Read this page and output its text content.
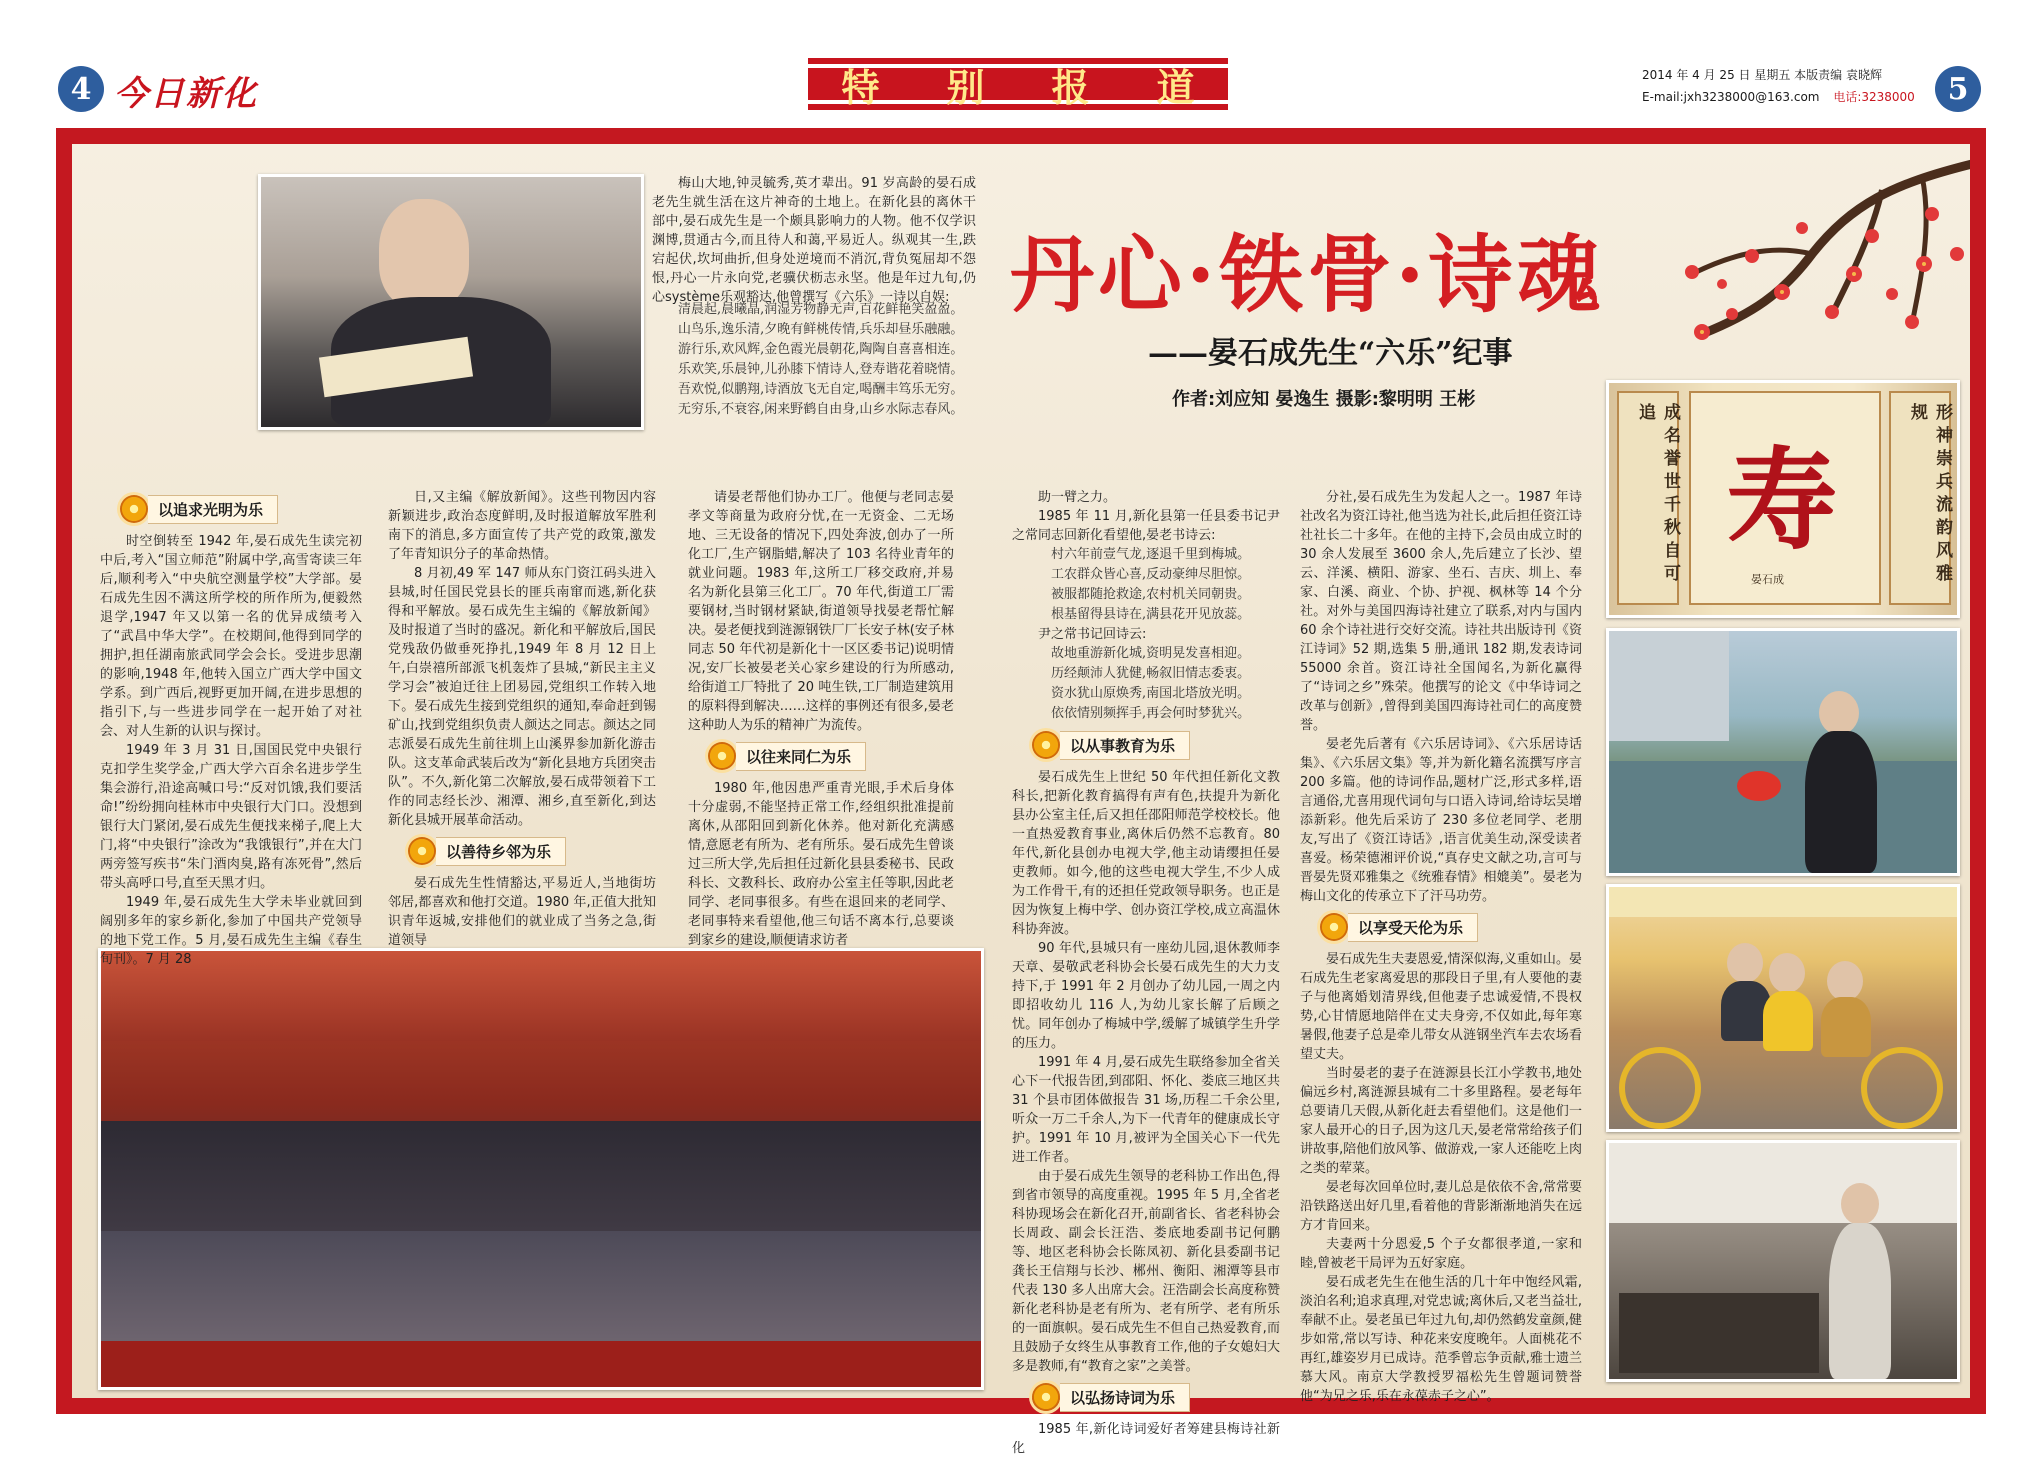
4 今日新化	特 别 报 道	2014 年 4 月 25 日 星期五 本版责编 袁晓辉
E-mail:jxh3238000@163.com 电话:3238000	5

梅山大地,钟灵毓秀,英才辈出。91 岁高龄的晏石成老先生就生活在这片神奇的土地上。在新化县的离休干部中,晏石成先生是一个颇具影响力的人物。他不仅学识渊博,贯通古今,而且待人和蔼,平易近人。纵观其一生,跌宕起伏,坎坷曲折,但身处逆境而不消沉,背负冤屈却不怨恨,丹心一片永向党,老骥伏枥志永坚。他是年过九旬,仍心système乐观豁达,他曾撰写《六乐》一诗以自娱:

清晨起,晨曦晶,润湿芳物静无声,百花鲜艳笑盈盈。
山鸟乐,逸乐清,夕晚有鲜桃传情,兵乐却昼乐融融。
游行乐,欢风辉,金色霞光晨朝花,陶陶自喜喜相连。
乐欢笑,乐晨钟,儿孙膝下情诗人,登寿谐花着晓情。
吾欢悦,似鹏翔,诗酒放飞无自定,喝酬丰笃乐无穷。
无穷乐,不衰容,闲来野鹤自由身,山乡水际志春风。
丹心·铁骨·诗魂
——晏石成先生“六乐”纪事
作者:刘应知 晏逸生 摄影:黎明明 王彬
成名誉世千秋自可追
寿
晏石成	形神崇兵流韵风雅规
以追求光明为乐

时空倒转至 1942 年,晏石成先生读完初中后,考入“国立师范”附属中学,高雪寄读三年后,顺利考入“中央航空测量学校”大学部。晏石成先生因不满这所学校的所作所为,便毅然退学,1947 年又以第一名的优异成绩考入了“武昌中华大学”。在校期间,他得到同学的拥护,担任湖南旅武同学会会长。受进步思潮的影响,1948 年,他转入国立广西大学中国文学系。到广西后,视野更加开阔,在进步思想的指引下,与一些进步同学在一起开始了对社会、对人生新的认识与探讨。

1949 年 3 月 31 日,国国民党中央银行克扣学生奖学金,广西大学六百余名进步学生集会游行,沿途高喊口号:“反对饥饿,我们要活命!”纷纷拥向桂林市中央银行大门口。没想到银行大门紧闭,晏石成先生便找来梯子,爬上大门,将“中央银行”涂改为“我饿银行”,并在大门两旁签写疾书“朱门酒肉臭,路有冻死骨”,然后带头高呼口号,直至天黑才归。

1949 年,晏石成先生大学未毕业就回到阔别多年的家乡新化,参加了中国共产党领导的地下党工作。5 月,晏石成先生主编《春生旬刊》。7 月 28

日,又主编《解放新闻》。这些刊物因内容新颖进步,政治态度鲜明,及时报道解放军胜利南下的消息,多方面宣传了共产党的政策,激发了年青知识分子的革命热情。

8 月初,49 军 147 师从东门资江码头进入县城,时任国民党县长的匪兵南窜而逃,新化获得和平解放。晏石成先生主编的《解放新闻》及时报道了当时的盛况。新化和平解放后,国民党残敌仍做垂死挣扎,1949 年 8 月 12 日上午,白崇禧所部派飞机轰炸了县城,“新民主主义学习会”被迫迁往上团易园,党组织工作转入地下。晏石成先生接到党组织的通知,奉命赶到锡矿山,找到党组织负责人颜达之同志。颜达之同志派晏石成先生前往圳上山溪界参加新化游击队。这支革命武装后改为“新化县地方兵团突击队”。不久,新化第二次解放,晏石成带领着下工作的同志经长沙、湘潭、湘乡,直至新化,到达新化县城开展革命活动。

以善待乡邻为乐

晏石成先生性情豁达,平易近人,当地街坊邻居,都喜欢和他打交道。1980 年,正值大批知识青年返城,安排他们的就业成了当务之急,街道领导

请晏老帮他们协办工厂。他便与老同志晏孝文等商量为政府分忧,在一无资金、二无场地、三无设备的情况下,四处奔波,创办了一所化工厂,生产钢脂蜡,解决了 103 名待业青年的就业问题。1983 年,这所工厂移交政府,并易名为新化县第三化工厂。70 年代,街道工厂需要钢材,当时钢材紧缺,街道领导找晏老帮忙解决。晏老便找到涟源钢铁厂厂长安子林(安子林同志 50 年代初是新化十一区区委书记)说明情况,安厂长被晏老关心家乡建设的行为所感动,给街道工厂特批了 20 吨生铁,工厂制造建筑用的原料得到解决……这样的事例还有很多,晏老这种助人为乐的精神广为流传。

以往来同仁为乐

1980 年,他因患严重青光眼,手术后身体十分虚弱,不能坚持正常工作,经组织批准提前离休,从邵阳回到新化休养。他对新化充满感情,意愿老有所为、老有所乐。晏石成先生曾谈过三所大学,先后担任过新化县县委秘书、民政科长、文教科长、政府办公室主任等职,因此老同学、老同事很多。有些在退回来的老同学、老同事特来看望他,他三句话不离本行,总要谈到家乡的建设,顺便请求访者

助一臂之力。

1985 年 11 月,新化县第一任县委书记尹之常同志回新化看望他,晏老书诗云:

村六年前壹气龙,逐退千里到梅城。
工农群众皆心喜,反动豪绅尽胆惊。
被服都随抢救途,农村机关同朝贵。
根基留得县诗在,满县花开见放蕊。

尹之常书记回诗云:

故地重游新化城,资明晃发喜相迎。
历经颠沛人犹健,畅叙旧情志委衷。
资水犹山原焕秀,南国北塔放光明。
依依情别频挥手,再会何时梦犹兴。
以从事教育为乐

晏石成先生上世纪 50 年代担任新化文教科长,把新化教育搞得有声有色,扶提升为新化县办公室主任,后又担任邵阳师范学校校长。他一直热爱教育事业,离休后仍然不忘教育。80 年代,新化县创办电视大学,他主动请缨担任晏吏教师。如今,他的这些电视大学生,不少人成为工作骨干,有的还担任党政领导职务。也正是因为恢复上梅中学、创办资江学校,成立高温休科协奔波。

90 年代,县城只有一座幼儿园,退休教师李天章、晏敬武老科协会长晏石成先生的大力支持下,于 1991 年 2 月创办了幼儿园,一周之内即招收幼儿 116 人,为幼儿家长解了后顾之忧。同年创办了梅城中学,缓解了城镇学生升学的压力。

1991 年 4 月,晏石成先生联络参加全省关心下一代报告团,到邵阳、怀化、娄底三地区共 31 个县市团体做报告 31 场,历程二千余公里,听众一万二千余人,为下一代青年的健康成长守护。1991 年 10 月,被评为全国关心下一代先进工作者。

由于晏石成先生领导的老科协工作出色,得到省市领导的高度重视。1995 年 5 月,全省老科协现场会在新化召开,前副省长、省老科协会长周政、副会长汪浩、娄底地委副书记何鹏等、地区老科协会长陈凤初、新化县委副书记龚长王信翔与长沙、郴州、衡阳、湘潭等县市代表 130 多人出席大会。汪浩副会长高度称赞新化老科协是老有所为、老有所学、老有所乐的一面旗帜。晏石成先生不但自己热爱教育,而且鼓励子女终生从事教育工作,他的子女媳妇大多是教师,有“教育之家”之美誉。

以弘扬诗词为乐

1985 年,新化诗词爱好者筹建县梅诗社新化

分社,晏石成先生为发起人之一。1987 年诗社改名为资江诗社,他当选为社长,此后担任资江诗社社长二十多年。在他的主持下,会员由成立时的 30 余人发展至 3600 余人,先后建立了长沙、望云、洋溪、横阳、游家、坐石、吉庆、圳上、奉家、白溪、商业、个协、护视、枫林等 14 个分社。对外与美国四海诗社建立了联系,对内与国内 60 余个诗社进行交好交流。诗社共出版诗刊《资江诗词》52 期,选集 5 册,通讯 182 期,发表诗词 55000 余首。资江诗社全国闻名,为新化赢得了“诗词之乡”殊荣。他撰写的论文《中华诗词之改革与创新》,曾得到美国四海诗社司仁的高度赞誉。

晏老先后著有《六乐居诗词》、《六乐居诗话集》、《六乐居文集》等,并为新化籍名流撰写序言 200 多篇。他的诗词作品,题材广泛,形式多样,语言通俗,尤喜用现代词句与口语入诗词,给诗坛吴增添新彩。他先后采访了 230 多位老同学、老朋友,写出了《资江诗话》,语言优美生动,深受读者喜爱。杨荣德湘评价说,“真存史文献之功,言可与晋晏先贤邓雅集之《统雅春情》相媲美”。晏老为梅山文化的传承立下了汗马功劳。

以享受天伦为乐

晏石成先生夫妻恩爱,情深似海,义重如山。晏石成先生老家离爱思的那段日子里,有人要他的妻子与他离婚划清界线,但他妻子忠诚爱情,不畏权势,心甘情愿地陪伴在丈夫身旁,不仅如此,每年寒暑假,他妻子总是牵儿带女从涟钢坐汽车去农场看望丈夫。

当时晏老的妻子在涟源县长江小学教书,地处偏远乡村,离涟源县城有二十多里路程。晏老每年总要请几天假,从新化赶去看望他们。这是他们一家人最开心的日子,因为这几天,晏老常常给孩子们讲故事,陪他们放风筝、做游戏,一家人还能吃上肉之类的荤菜。

晏老每次回单位时,妻儿总是依依不舍,常常要沿铁路送出好几里,看着他的背影渐渐地消失在远方才肯回来。

夫妻两十分恩爱,5 个子女都很孝道,一家和睦,曾被老干局评为五好家庭。

晏石成老先生在他生活的几十年中饱经风霜,淡泊名利;追求真理,对党忠诚;离休后,又老当益壮,奉献不止。晏老虽已年过九旬,却仍然鹤发童颜,健步如常,常以写诗、种花来安度晚年。人面桃花不再红,雄姿岁月已成诗。范季曾忘争贡献,雅士遗兰慕大风。南京大学教授罗福松先生曾题词赞誉他“为兄之乐,乐在永葆赤子之心”。
